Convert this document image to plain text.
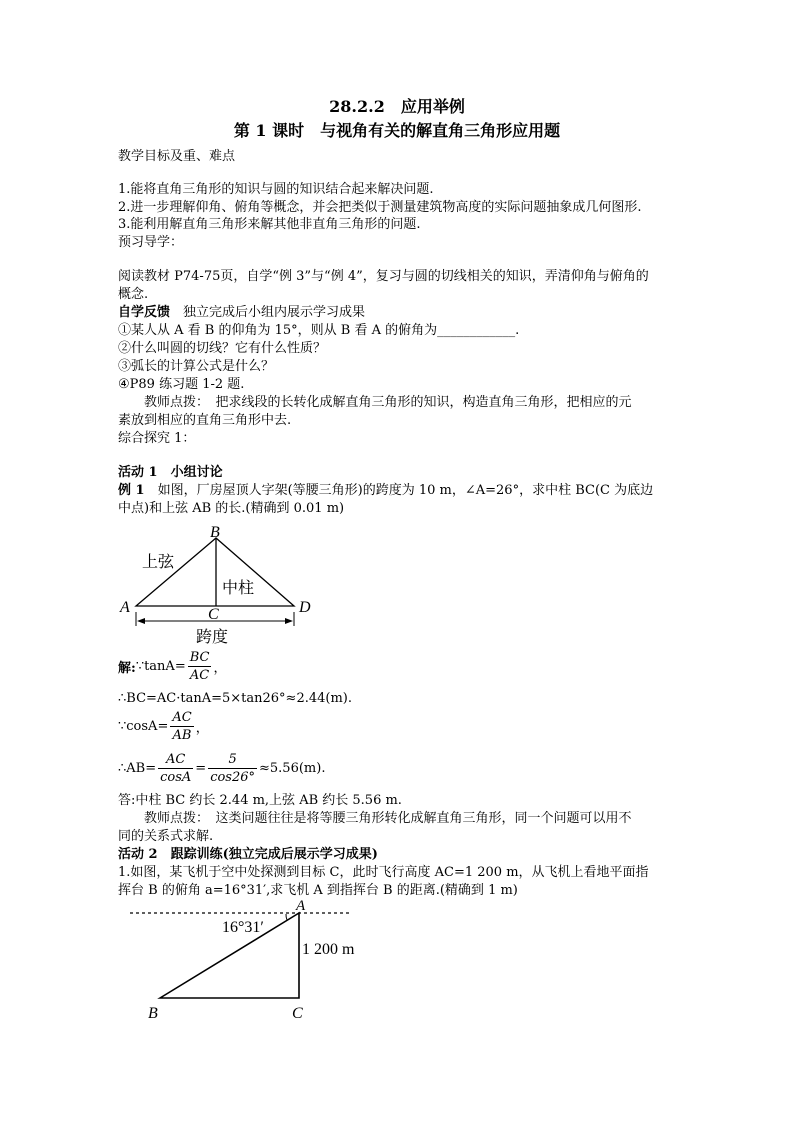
28.2.2　应用举例
第 1 课时　与视角有关的解直角三角形应用题
教学目标及重、难点
1.能将直角三角形的知识与圆的知识结合起来解决问题.
2.进一步理解仰角、俯角等概念，并会把类似于测量建筑物高度的实际问题抽象成几何图形.
3.能利用解直角三角形来解其他非直角三角形的问题.
预习导学：
阅读教材 P74-75页，自学“例 3”与“例 4”，复习与圆的切线相关的知识，弄清仰角与俯角的
概念.
自学反馈　独立完成后小组内展示学习成果
①某人从 A 看 B 的仰角为 15°，则从 B 看 A 的俯角为____________.
②什么叫圆的切线？它有什么性质？
③弧长的计算公式是什么？
④P89 练习题 1-2 题.
教师点拨：　把求线段的长转化成解直角三角形的知识，构造直角三角形，把相应的元
素放到相应的直角三角形中去.
综合探究 1：
活动 1　小组讨论
例 1　如图，厂房屋顶人字架(等腰三角形)的跨度为 10 m，∠A=26°，求中柱 BC(C 为底边
中点)和上弦 AB 的长.(精确到 0.01 m)
B
上弦
中柱
A	C	D
跨度
解: ∵tanA= $\frac{BC}{AC}$ ，
∴BC=AC·tanA=5×tan26°≈2.44(m).
∵cosA= $\frac{AC}{AB}$ ，
∴AB= $\frac{AC}{\cos A} = \frac{5}{\cos 26^\circ} \approx 5.56(m)$.
答:中柱 BC 约长 2.44 m,上弦 AB 约长 5.56 m.
教师点拨：　这类问题往往是将等腰三角形转化成解直角三角形，同一个问题可以用不
同的关系式求解.
活动 2　跟踪训练(独立完成后展示学习成果)
1.如图，某飞机于空中处探测到目标 C，此时飞行高度 AC=1 200 m，从飞机上看地平面指
挥台 B 的俯角 a=16°31′,求飞机 A 到指挥台 B 的距离.(精确到 1 m)
A
16°31′
1 200 m
B	C
